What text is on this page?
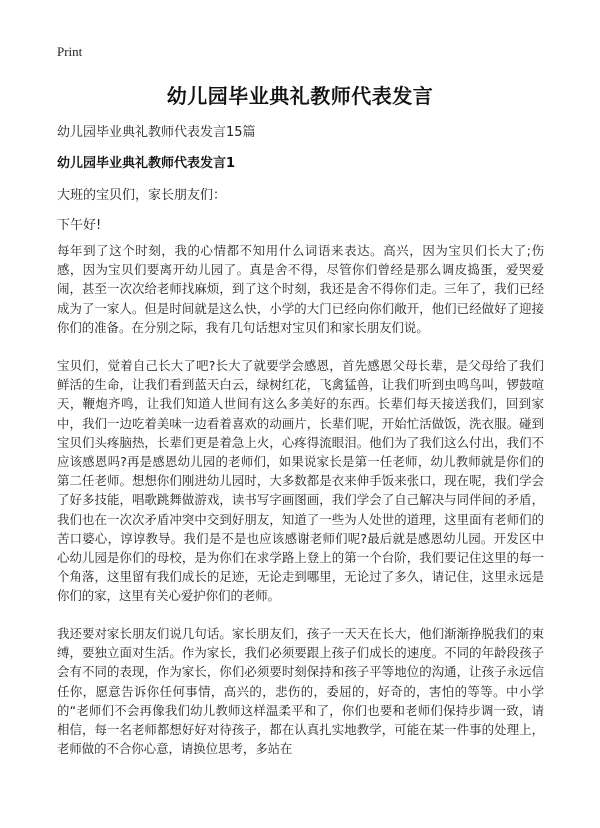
Print
幼儿园毕业典礼教师代表发言
幼儿园毕业典礼教师代表发言15篇
幼儿园毕业典礼教师代表发言1
大班的宝贝们，家长朋友们：
下午好!

每年到了这个时刻，我的心情都不知用什么词语来表达。高兴，因为宝贝们长大了;伤感，因为宝贝们要离开幼儿园了。真是舍不得，尽管你们曾经是那么调皮捣蛋，爱哭爱闹，甚至一次次给老师找麻烦，到了这个时刻，我还是舍不得你们走。三年了，我们已经成为了一家人。但是时间就是这么快，小学的大门已经向你们敞开，他们已经做好了迎接你们的准备。在分别之际，我有几句话想对宝贝们和家长朋友们说。

宝贝们，觉着自己长大了吧?长大了就要学会感恩，首先感恩父母长辈，是父母给了我们鲜活的生命，让我们看到蓝天白云，绿树红花，飞禽猛兽，让我们听到虫鸣鸟叫，锣鼓喧天，鞭炮齐鸣，让我们知道人世间有这么多美好的东西。长辈们每天接送我们，回到家中，我们一边吃着美味一边看着喜欢的动画片，长辈们呢，开始忙活做饭，洗衣服。碰到宝贝们头疼脑热，长辈们更是着急上火，心疼得流眼泪。他们为了我们这么付出，我们不应该感恩吗?再是感恩幼儿园的老师们，如果说家长是第一任老师，幼儿教师就是你们的第二任老师。想想你们刚进幼儿园时，大多数都是衣来伸手饭来张口，现在呢，我们学会了好多技能，唱歌跳舞做游戏，读书写字画图画，我们学会了自己解决与同伴间的矛盾，我们也在一次次矛盾冲突中交到好朋友，知道了一些为人处世的道理，这里面有老师们的苦口婆心，谆谆教导。我们是不是也应该感谢老师们呢?最后就是感恩幼儿园。开发区中心幼儿园是你们的母校，是为你们在求学路上登上的第一个台阶，我们要记住这里的每一个角落，这里留有我们成长的足迹，无论走到哪里，无论过了多久，请记住，这里永远是你们的家，这里有关心爱护你们的老师。

我还要对家长朋友们说几句话。家长朋友们，孩子一天天在长大，他们渐渐挣脱我们的束缚，要独立面对生活。作为家长，我们必须要跟上孩子们成长的速度。不同的年龄段孩子会有不同的表现，作为家长，你们必须要时刻保持和孩子平等地位的沟通，让孩子永远信任你，愿意告诉你任何事情，高兴的，悲伤的，委屈的，好奇的，害怕的等等。中小学的“老师们不会再像我们幼儿教师这样温柔平和了，你们也要和老师们保持步调一致，请相信，每一名老师都想好好对待孩子，都在认真扎实地教学，可能在某一件事的处理上，老师做的不合你心意，请换位思考，多站在
